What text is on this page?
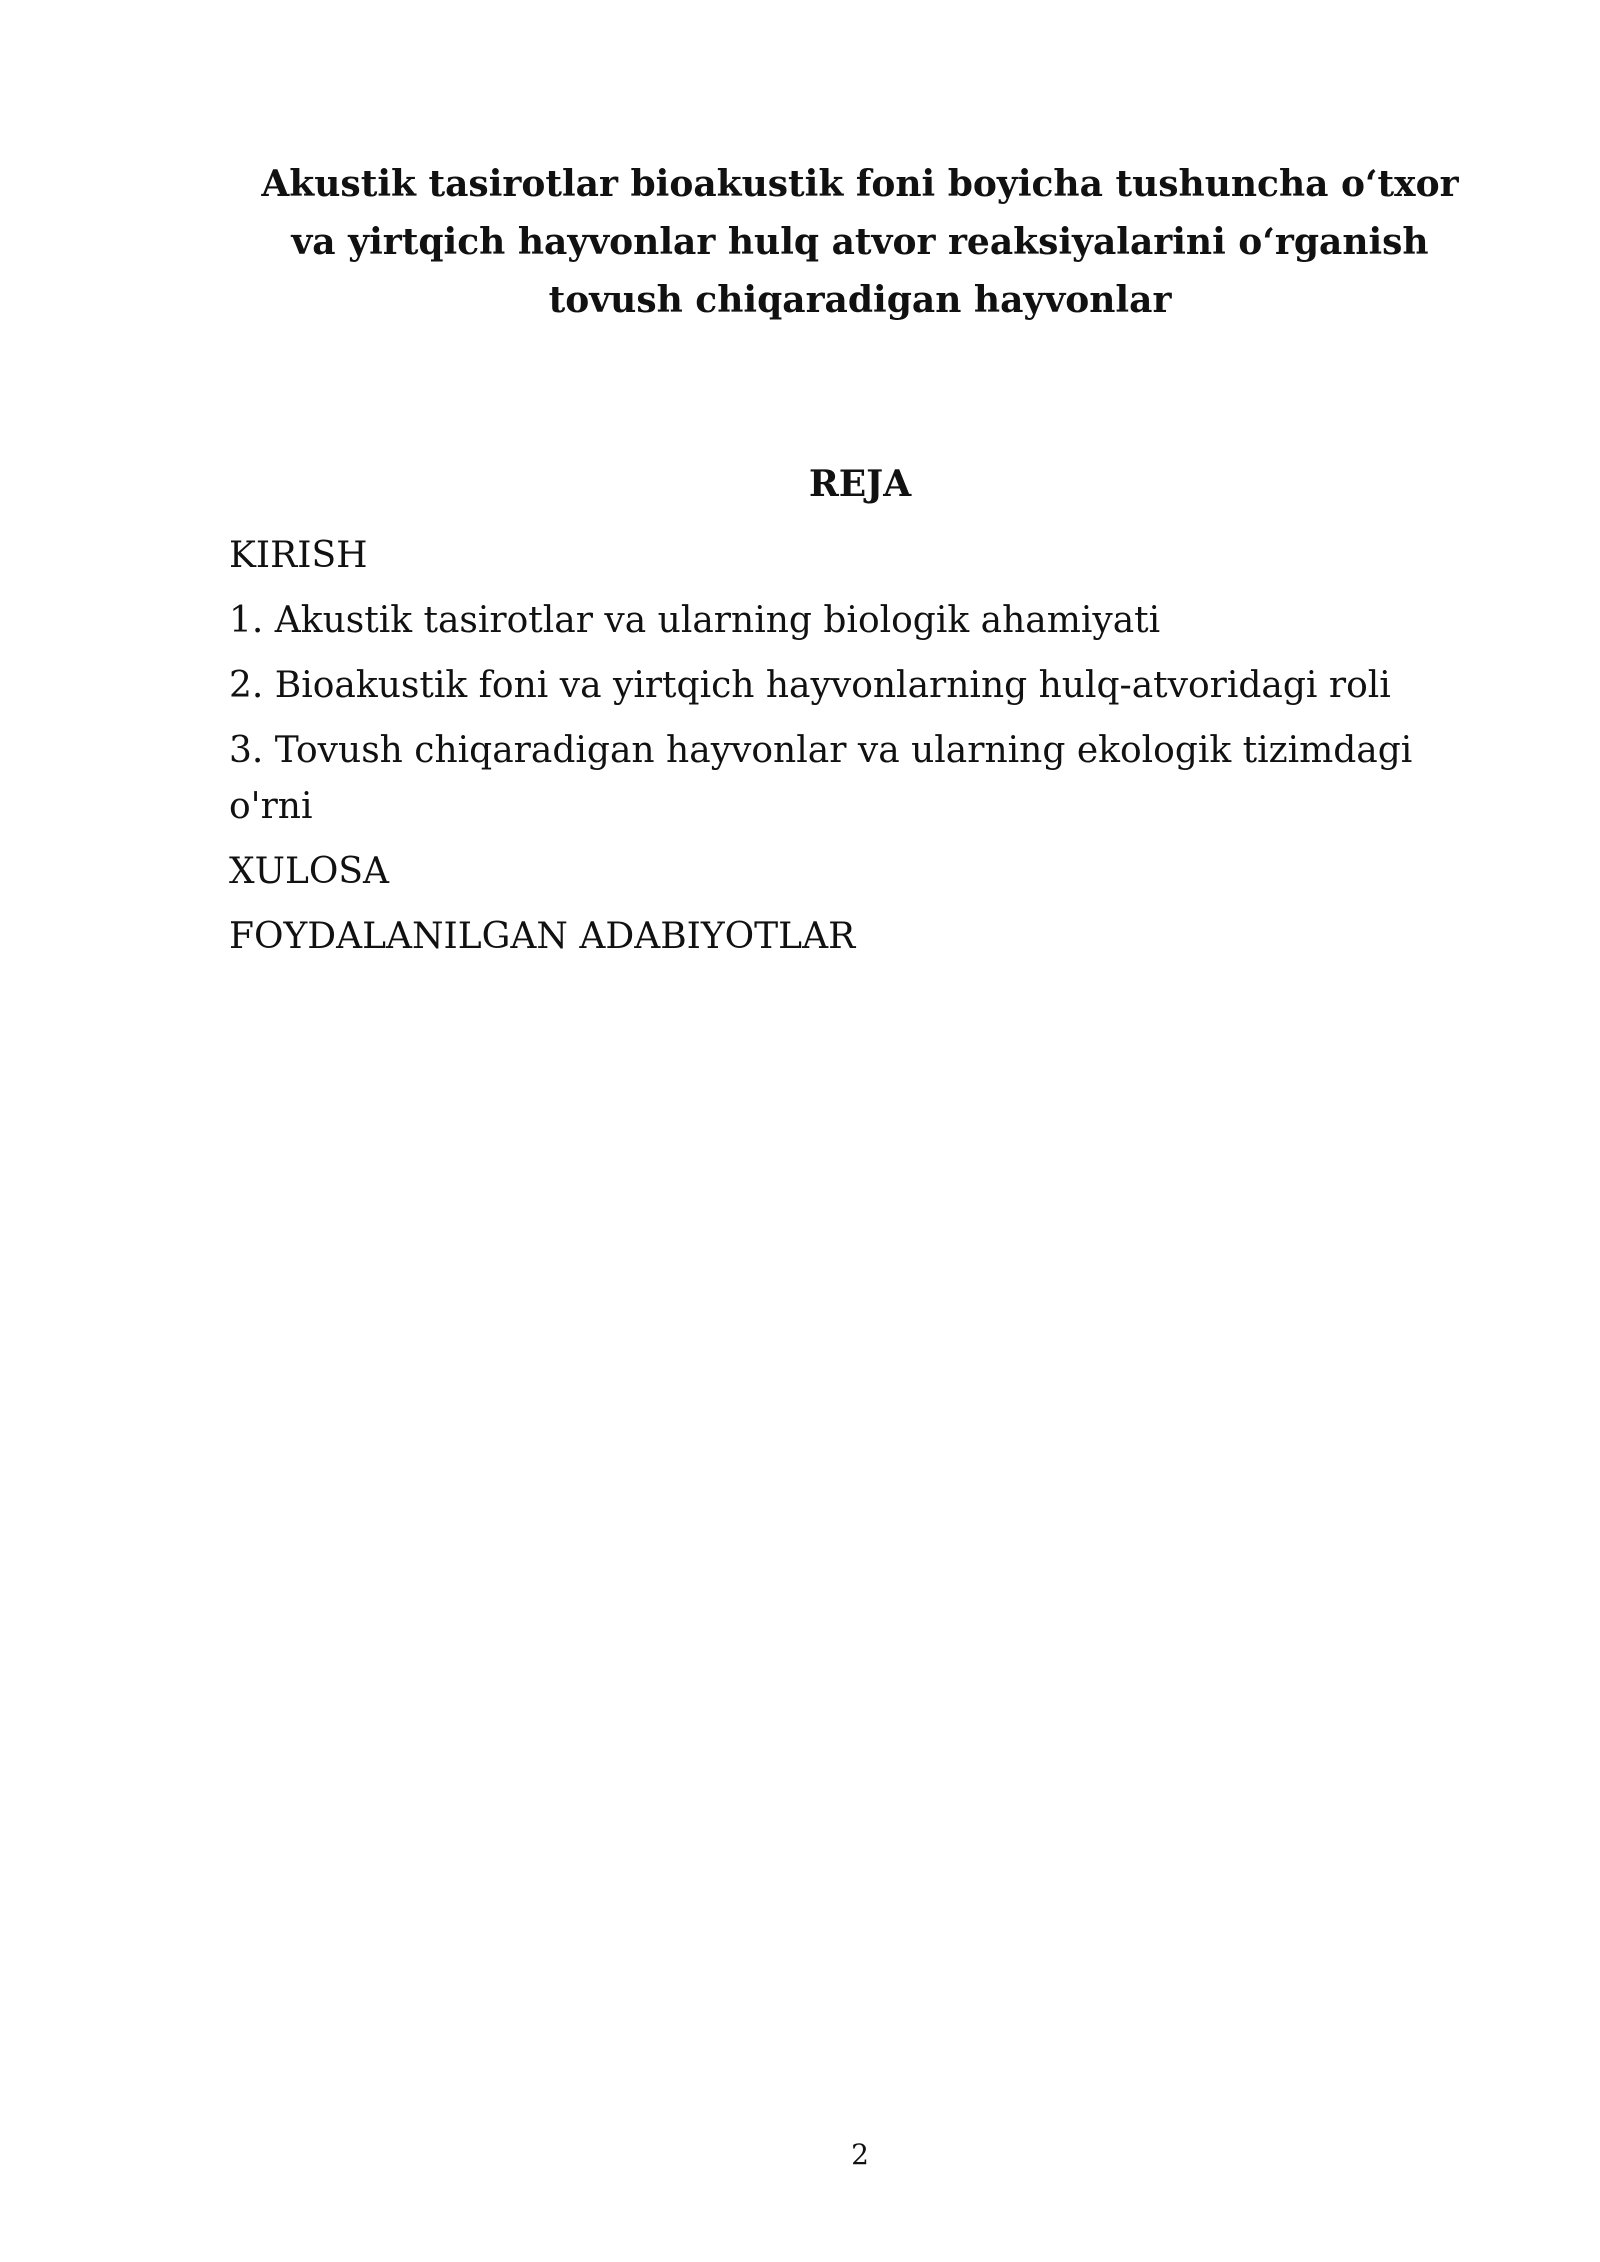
Akustik tasirotlar bioakustik foni boyicha tushuncha oʻtxor
va yirtqich hayvonlar hulq atvor reaksiyalarini oʻrganish
tovush chiqaradigan hayvonlar
REJA
KIRISH
1. Akustik tasirotlar va ularning biologik ahamiyati
2. Bioakustik foni va yirtqich hayvonlarning hulq-atvoridagi roli
3. Tovush chiqaradigan hayvonlar va ularning ekologik tizimdagi o'rni
XULOSA
FOYDALANILGAN ADABIYOTLAR
2
